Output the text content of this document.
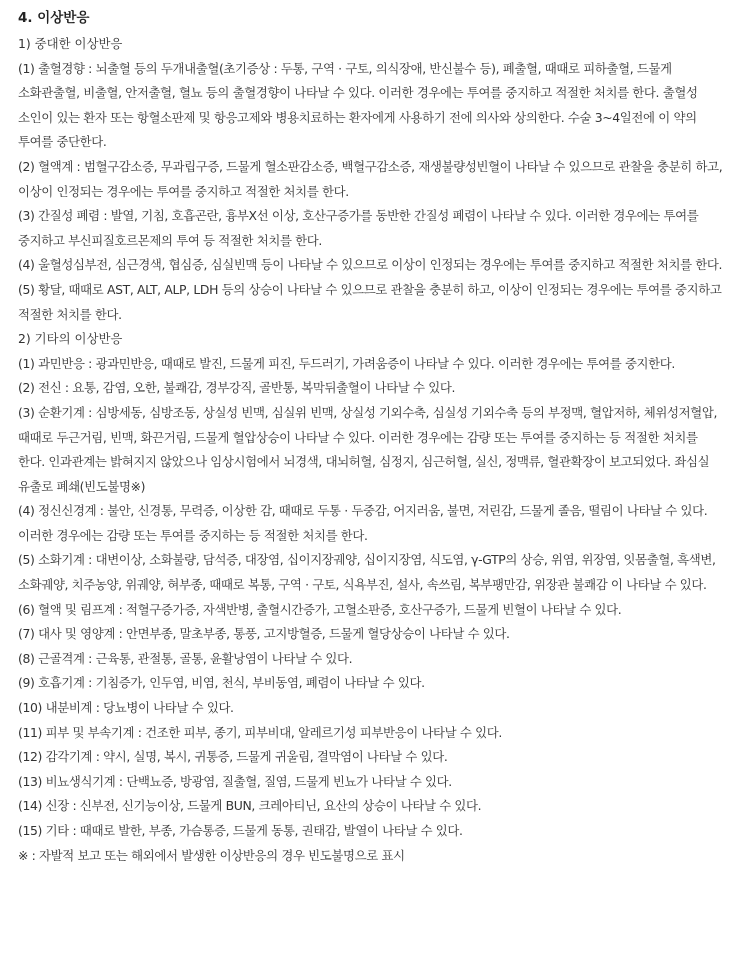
4. 이상반응
1) 중대한 이상반응

(1) 출혈경향 : 뇌출혈 등의 두개내출혈(초기증상 : 두통, 구역 · 구토, 의식장애, 반신불수 등), 폐출혈, 때때로 피하출혈, 드물게 소화관출혈, 비출혈, 안저출혈, 혈뇨 등의 출혈경향이 나타날 수 있다. 이러한 경우에는 투여를 중지하고 적절한 처치를 한다. 출혈성 소인이 있는 환자 또는 항혈소판제 및 항응고제와 병용치료하는 환자에게 사용하기 전에 의사와 상의한다. 수술 3~4일전에 이 약의 투여를 중단한다.

(2) 혈액계 : 범혈구감소증, 무과립구증, 드물게 혈소판감소증, 백혈구감소증, 재생불량성빈혈이 나타날 수 있으므로 관찰을 충분히 하고, 이상이 인정되는 경우에는 투여를 중지하고 적절한 처치를 한다.

(3) 간질성 폐렴 : 발열, 기침, 호흡곤란, 흉부X선 이상, 호산구증가를 동반한 간질성 폐렴이 나타날 수 있다. 이러한 경우에는 투여를 중지하고 부신피질호르몬제의 투여 등 적절한 처치를 한다.

(4) 울혈성심부전, 심근경색, 협심증, 심실빈맥 등이 나타날 수 있으므로 이상이 인정되는 경우에는 투여를 중지하고 적절한 처치를 한다.

(5) 황달, 때때로 AST, ALT, ALP, LDH 등의 상승이 나타날 수 있으므로 관찰을 충분히 하고, 이상이 인정되는 경우에는 투여를 중지하고 적절한 처치를 한다.

2) 기타의 이상반응

(1) 과민반응 : 광과민반응, 때때로 발진, 드물게 피진, 두드러기, 가려움증이 나타날 수 있다. 이러한 경우에는 투여를 중지한다.

(2) 전신 : 요통, 감염, 오한, 불쾌감, 경부강직, 골반통, 복막뒤출혈이 나타날 수 있다.

(3) 순환기계 : 심방세동, 심방조동, 상실성 빈맥, 심실위 빈맥, 상실성 기외수축, 심실성 기외수축 등의 부정맥, 혈압저하, 체위성저혈압, 때때로 두근거림, 빈맥, 화끈거림, 드물게 혈압상승이 나타날 수 있다. 이러한 경우에는 감량 또는 투여를 중지하는 등 적절한 처치를 한다. 인과관계는 밝혀지지 않았으나 임상시험에서 뇌경색, 대뇌허혈, 심정지, 심근허혈, 실신, 정맥류, 혈관확장이 보고되었다. 좌심실 유출로 폐쇄(빈도불명※)

(4) 정신신경계 : 불안, 신경통, 무력증, 이상한 감, 때때로 두통 · 두중감, 어지러움, 불면, 저린감, 드물게 졸음, 떨림이 나타날 수 있다. 이러한 경우에는 감량 또는 투여를 중지하는 등 적절한 처치를 한다.

(5) 소화기계 : 대변이상, 소화불량, 담석증, 대장염, 십이지장궤양, 십이지장염, 식도염, γ-GTP의 상승, 위염, 위장염, 잇몸출혈, 흑색변, 소화궤양, 치주농양, 위궤양, 혀부종, 때때로 복통, 구역 · 구토, 식욕부진, 설사, 속쓰림, 복부팽만감, 위장관 불쾌감 이 나타날 수 있다.

(6) 혈액 및 림프계 : 적혈구증가증, 자색반병, 출혈시간증가, 고혈소판증, 호산구증가, 드물게 빈혈이 나타날 수 있다.

(7) 대사 및 영양계 : 안면부종, 말초부종, 통풍, 고지방혈증, 드물게 혈당상승이 나타날 수 있다.

(8) 근골격계 : 근육통, 관절통, 골통, 윤활낭염이 나타날 수 있다.

(9) 호흡기계 : 기침증가, 인두염, 비염, 천식, 부비동염, 폐렴이 나타날 수 있다.

(10) 내분비계 : 당뇨병이 나타날 수 있다.

(11) 피부 및 부속기계 : 건조한 피부, 종기, 피부비대, 알레르기성 피부반응이 나타날 수 있다.

(12) 감각기계 : 약시, 실명, 복시, 귀통증, 드물게 귀울림, 결막염이 나타날 수 있다.

(13) 비뇨생식기계 : 단백뇨증, 방광염, 질출혈, 질염, 드물게 빈뇨가 나타날 수 있다.

(14) 신장 : 신부전, 신기능이상, 드물게 BUN, 크레아티닌, 요산의 상승이 나타날 수 있다.

(15) 기타 : 때때로 발한, 부종, 가슴통증, 드물게 동통, 권태감, 발열이 나타날 수 있다.

※ : 자발적 보고 또는 해외에서 발생한 이상반응의 경우 빈도불명으로 표시
